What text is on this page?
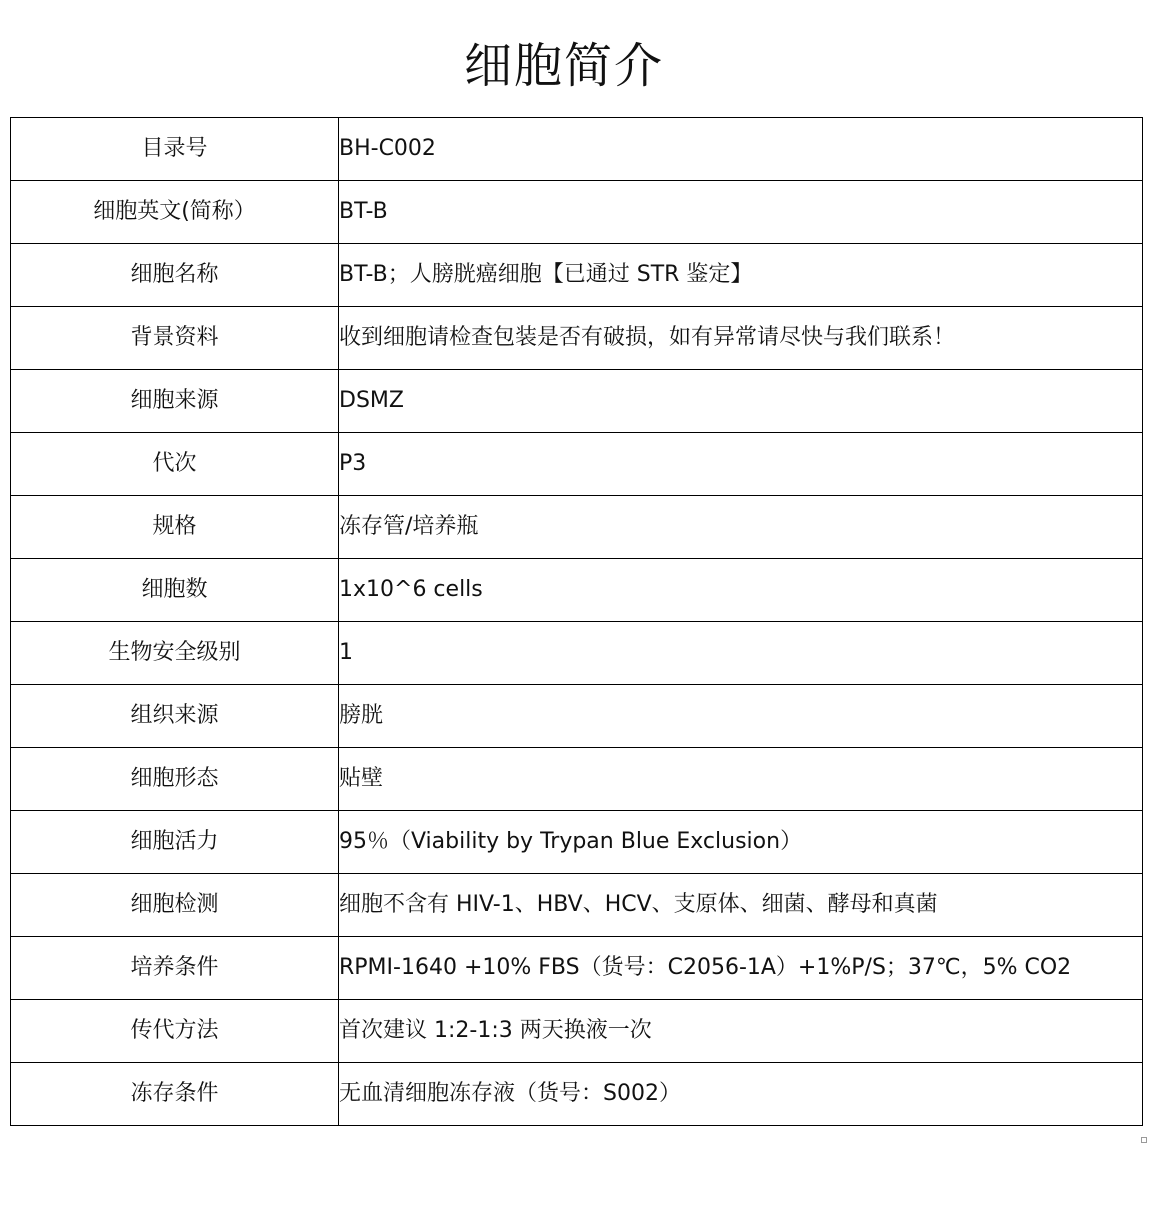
细胞简介
目录号	BH-C002
细胞英文(简称）	BT-B
细胞名称	BT-B；人膀胱癌细胞【已通过 STR 鉴定】
背景资料	收到细胞请检查包装是否有破损，如有异常请尽快与我们联系！
细胞来源	DSMZ
代次	P3
规格	冻存管/培养瓶
细胞数	1x10^6 cells
生物安全级别	1
组织来源	膀胱
细胞形态	贴壁
细胞活力	95％（Viability by Trypan Blue Exclusion）
细胞检测	细胞不含有 HIV-1、HBV、HCV、支原体、细菌、酵母和真菌
培养条件	RPMI-1640 +10% FBS（货号：C2056-1A）+1%P/S；37℃，5% CO2
传代方法	首次建议 1:2-1:3 两天换液一次
冻存条件	无血清细胞冻存液（货号：S002）
